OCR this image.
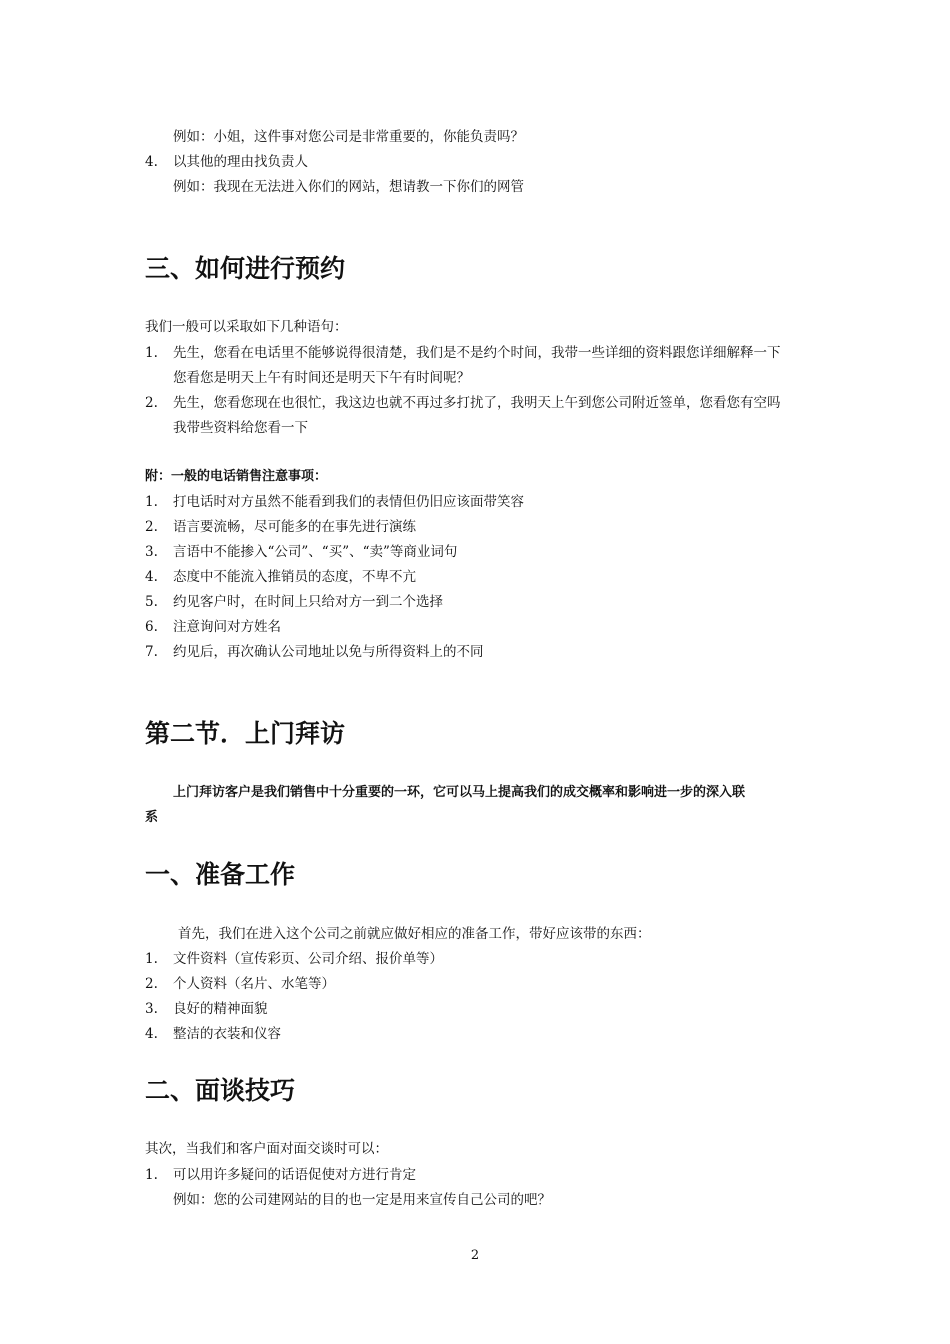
例如：小姐，这件事对您公司是非常重要的，你能负责吗？
4. 以其他的理由找负责人
例如：我现在无法进入你们的网站，想请教一下你们的网管
三、如何进行预约
我们一般可以采取如下几种语句：
1. 先生，您看在电话里不能够说得很清楚，我们是不是约个时间，我带一些详细的资料跟您详细解释一下
您看您是明天上午有时间还是明天下午有时间呢？
2. 先生，您看您现在也很忙，我这边也就不再过多打扰了，我明天上午到您公司附近签单，您看您有空吗
我带些资料给您看一下
附：一般的电话销售注意事项：
1. 打电话时对方虽然不能看到我们的表情但仍旧应该面带笑容
2. 语言要流畅，尽可能多的在事先进行演练
3. 言语中不能掺入“公司”、“买”、“卖”等商业词句
4. 态度中不能流入推销员的态度，不卑不亢
5. 约见客户时，在时间上只给对方一到二个选择
6. 注意询问对方姓名
7. 约见后，再次确认公司地址以免与所得资料上的不同
第二节．上门拜访
上门拜访客户是我们销售中十分重要的一环，它可以马上提高我们的成交概率和影响进一步的深入联
系
一、准备工作
首先，我们在进入这个公司之前就应做好相应的准备工作，带好应该带的东西：
1. 文件资料（宣传彩页、公司介绍、报价单等）
2. 个人资料（名片、水笔等）
3. 良好的精神面貌
4. 整洁的衣装和仪容
二、面谈技巧
其次，当我们和客户面对面交谈时可以：
1. 可以用许多疑问的话语促使对方进行肯定
例如：您的公司建网站的目的也一定是用来宣传自己公司的吧？
2
